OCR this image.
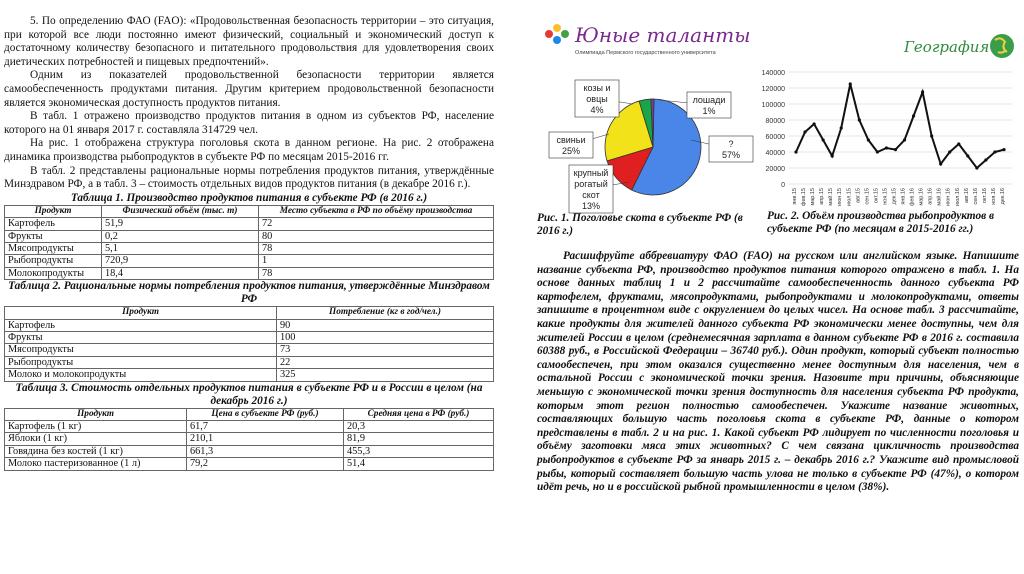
5. По определению ФАО (FAO): «Продовольственная безопасность территории – это ситуация, при которой все люди постоянно имеют физический, социальный и экономический доступ к достаточному количеству безопасного и питательного продовольствия для удовлетворения своих диетических потребностей и пищевых предпочтений».

Одним из показателей продовольственной безопасности территории является самообеспеченность продуктами питания. Другим критерием продовольственной безопасности является экономическая доступность продуктов питания.

В табл. 1 отражено производство продуктов питания в одном из субъектов РФ, население которого на 01 января 2017 г. составляла 314729 чел.

На рис. 1 отображена структура поголовья скота в данном регионе. На рис. 2 отображена динамика производства рыбопродуктов в субъекте РФ по месяцам 2015-2016 гг.

В табл. 2 представлены рациональные нормы потребления продуктов питания, утверждённые Минздравом РФ, а в табл. 3 – стоимость отдельных видов продуктов питания (в декабре 2016 г.).

Таблица 1. Производство продуктов питания в субъекте РФ (в 2016 г.)

Продукт	Физический объём (тыс. т)	Место субъекта в РФ по объёму производства
Картофель	51,9	72
Фрукты	0,2	80
Мясопродукты	5,1	78
Рыбопродукты	720,9	1
Молокопродукты	18,4	78

Таблица 2. Рациональные нормы потребления продуктов питания, утверждённые Минздравом РФ

Продукт	Потребление (кг в год/чел.)
Картофель	90
Фрукты	100
Мясопродукты	73
Рыбопродукты	22
Молоко и молокопродукты	325

Таблица 3. Стоимость отдельных продуктов питания в субъекте РФ и в России в целом (на декабрь 2016 г.)

Продукт	Цена в субъекте РФ (руб.)	Средняя цена в РФ (руб.)
Картофель (1 кг)	61,7	20,3
Яблоки (1 кг)	210,1	81,9
Говядина без костей (1 кг)	661,3	455,3
Молоко пастеризованное (1 л)	79,2	51,4
Юные таланты
Олимпиада Пермского государственного университета	География
?
57%
крупный
рогатый
скот
13%
свиньи
25%
козы и
овцы
4%
лошади
1%
0
20000
40000
60000
80000
100000
120000
140000
янв.15 фев.15 мар.15 апр.15 май.15 июн.15 июл.15 авг.15 сен.15 окт.15 ноя.15 дек.15 янв.16 фев.16 мар.16 апр.16 май.16 июн.16 июл.16 авг.16 сен.16 окт.16 ноя.16 дек.16
Рис. 1. Поголовье скота в субъекте РФ (в 2016 г.)
Рис. 2. Объём производства рыбопродуктов в субъекте РФ (по месяцам в 2015-2016 гг.)

Расшифруйте аббревиатуру ФАО (FAO) на русском или английском языке. Напишите название субъекта РФ, производство продуктов питания которого отражено в табл. 1. На основе данных таблиц 1 и 2 рассчитайте самообеспеченность данного субъекта РФ картофелем, фруктами, мясопродуктами, рыбопродуктами и молокопродуктами, ответы запишите в процентном виде с округлением до целых чисел. На основе табл. 3 рассчитайте, какие продукты для жителей данного субъекта РФ экономически менее доступны, чем для жителей России в целом (среднемесячная зарплата в данном субъекте РФ в 2016 г. составила 60388 руб., в Российской Федерации – 36740 руб.). Один продукт, который субъект полностью самообеспечен, при этом оказался существенно менее доступным для населения, чем в остальной России с экономической точки зрения. Назовите три причины, объясняющие меньшую с экономической точки зрения доступность для населения субъекта РФ продукта, которым этот регион полностью самообеспечен. Укажите название животных, составляющих большую часть поголовья скота в субъекте РФ, данные о котором представлены в табл. 2 и на рис. 1. Какой субъект РФ лидирует по численности поголовья и объёму заготовки мяса этих животных? С чем связана цикличность производства рыбопродуктов в субъекте РФ за январь 2015 г. – декабрь 2016 г.? Укажите вид промысловой рыбы, который составляет большую часть улова не только в субъекте РФ (47%), о котором идёт речь, но и в российской рыбной промышленности в целом (38%).
